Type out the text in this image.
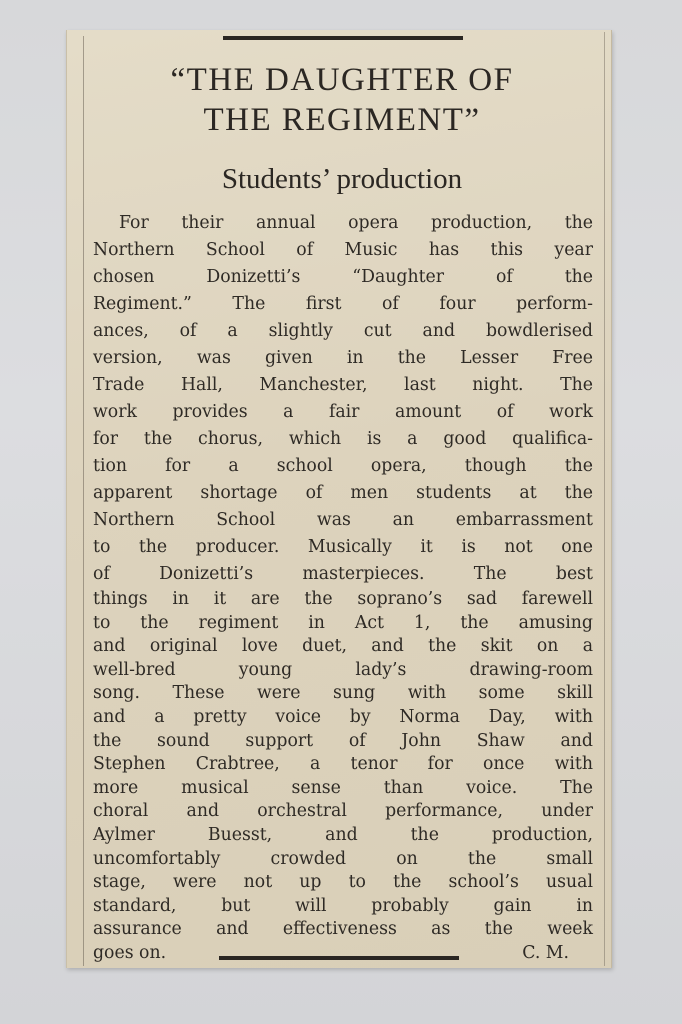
“THE DAUGHTER OF
THE REGIMENT”
Students’ production
For their annual opera production, the
Northern School of Music has this year
chosen Donizetti’s “Daughter of the
Regiment.” The first of four perform-
ances, of a slightly cut and bowdlerised
version, was given in the Lesser Free
Trade Hall, Manchester, last night. The
work provides a fair amount of work
for the chorus, which is a good qualifica-
tion for a school opera, though the
apparent shortage of men students at the
Northern School was an embarrassment
to the producer. Musically it is not one
of Donizetti’s masterpieces. The best
things in it are the soprano’s sad farewell
to the regiment in Act 1, the amusing
and original love duet, and the skit on a
well-bred young lady’s drawing-room
song. These were sung with some skill
and a pretty voice by Norma Day, with
the sound support of John Shaw and
Stephen Crabtree, a tenor for once with
more musical sense than voice. The
choral and orchestral performance, under
Aylmer Buesst, and the production,
uncomfortably crowded on the small
stage, were not up to the school’s usual
standard, but will probably gain in
assurance and effectiveness as the week
goes on.	C. M.
